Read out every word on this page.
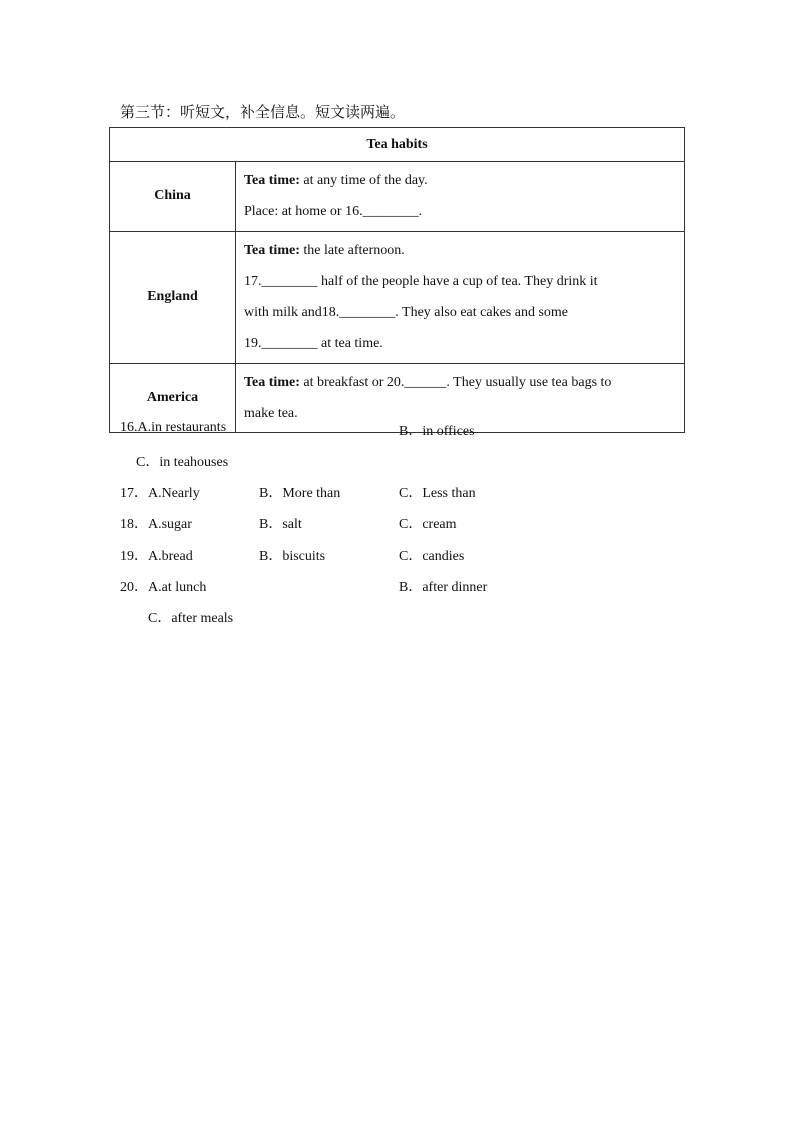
第三节：听短文，补全信息。短文读两遍。
Tea habits	
China	Tea time: at any time of the day.
Place: at home or 16.________.

England	Tea time: the late afternoon.
17.________ half of the people have a cup of tea. They drink it
with milk and18.________. They also eat cakes and some
19.________ at tea time.

America	Tea time: at breakfast or 20.______. They usually use tea bags to
make tea.
16.A.in restaurants	B．in offices
C．in teahouses
17．A.Nearly	B．More than	C．Less than
18．A.sugar	B．salt	C．cream
19．A.bread	B．biscuits	C．candies
20．A.at lunch	B．after dinner
C．after meals
